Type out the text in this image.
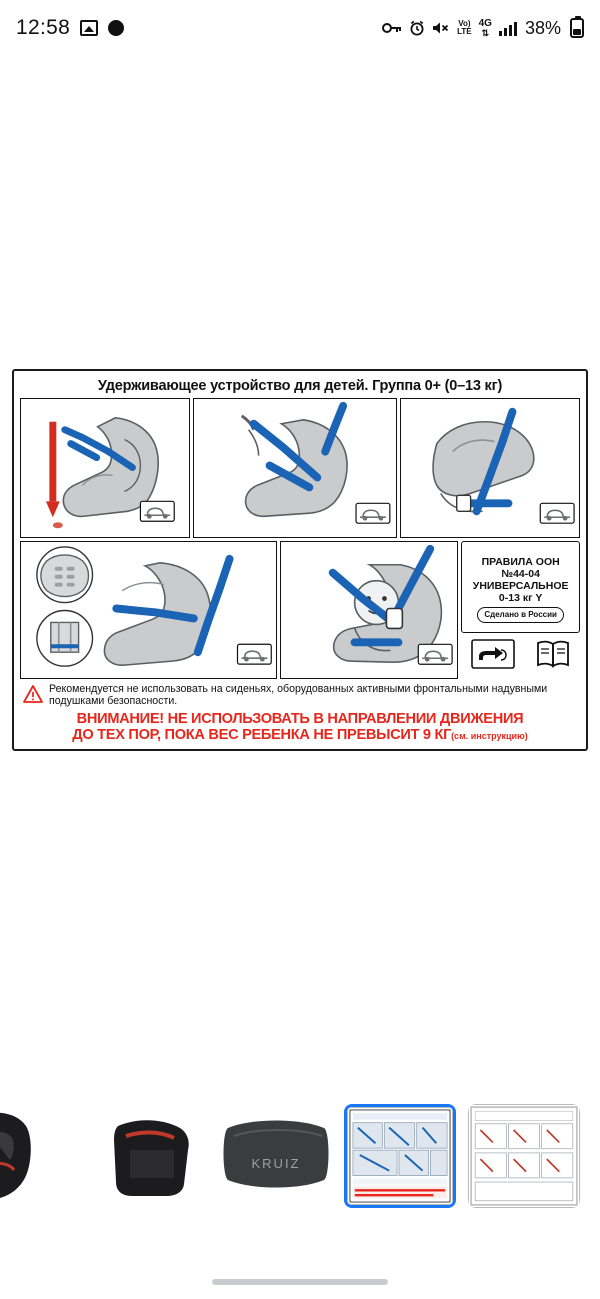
12:58	Vo)
LTE
4G
⇅ 38%
Удерживающее устройство для детей. Группа 0+ (0–13 кг)
ПРАВИЛА ООН
№44-04
УНИВЕРСАЛЬНОЕ
0-13 кг Y
Сделано в России
i
Рекомендуется не использовать на сиденьях, оборудованных активными фронтальными надувными подушками безопасности.
ВНИМАНИЕ! НЕ ИСПОЛЬЗОВАТЬ В НАПРАВЛЕНИИ ДВИЖЕНИЯ
ДО ТЕХ ПОР, ПОКА ВЕС РЕБЕНКА НЕ ПРЕВЫСИТ 9 КГ(см. инструкцию)
KRUIZ
